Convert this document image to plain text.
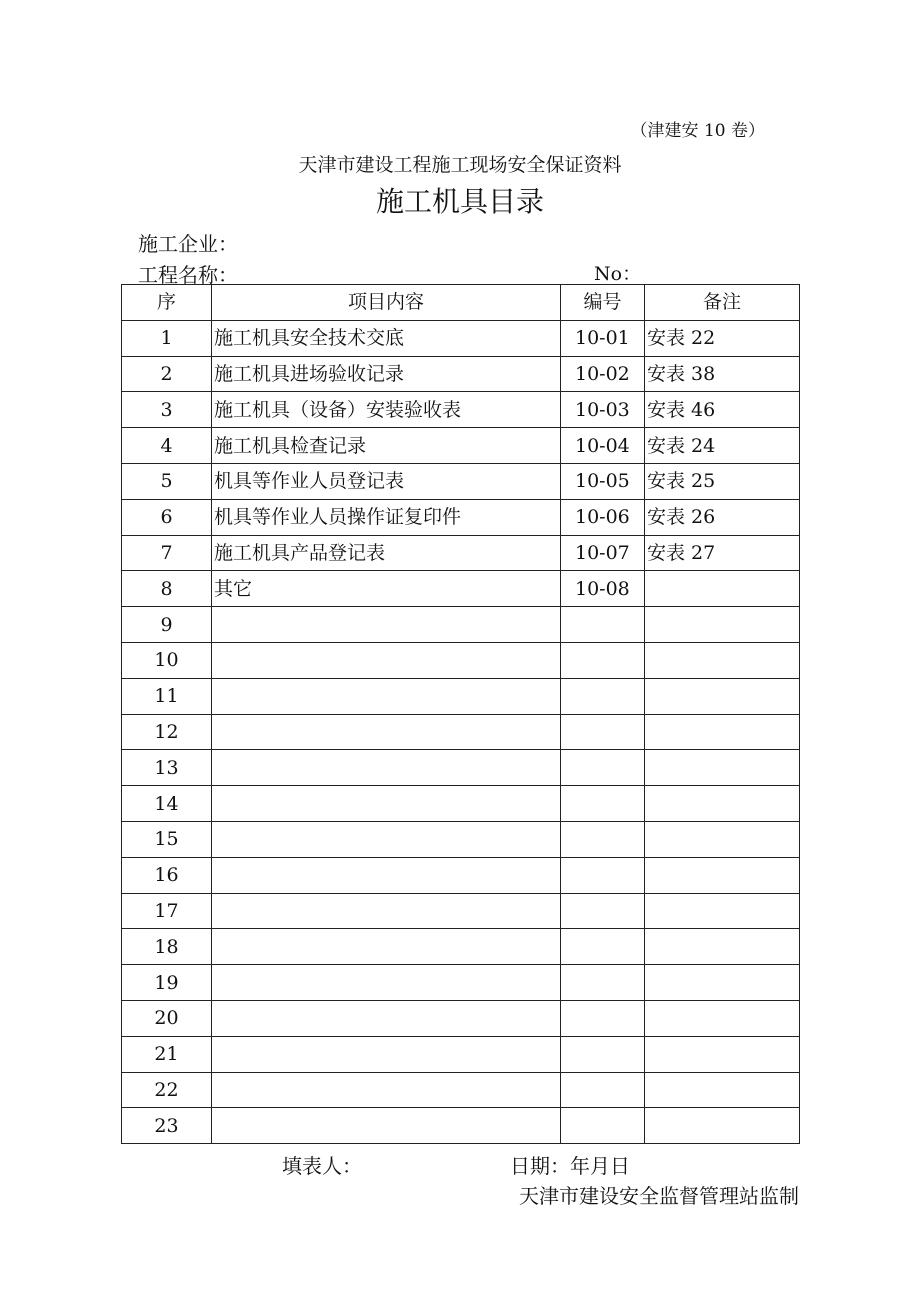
（津建安 10 卷）
天津市建设工程施工现场安全保证资料
施工机具目录
施工企业：
工程名称：	No：
序	项目内容	编号	备注
1	施工机具安全技术交底	10-01	安表 22
2	施工机具进场验收记录	10-02	安表 38
3	施工机具（设备）安装验收表	10-03	安表 46
4	施工机具检查记录	10-04	安表 24
5	机具等作业人员登记表	10-05	安表 25
6	机具等作业人员操作证复印件	10-06	安表 26
7	施工机具产品登记表	10-07	安表 27
8	其它	10-08	
9			
10			
11			
12			
13			
14			
15			
16			
17			
18			
19			
20			
21			
22			
23			
填表人：	日期：年月日
天津市建设安全监督管理站监制
